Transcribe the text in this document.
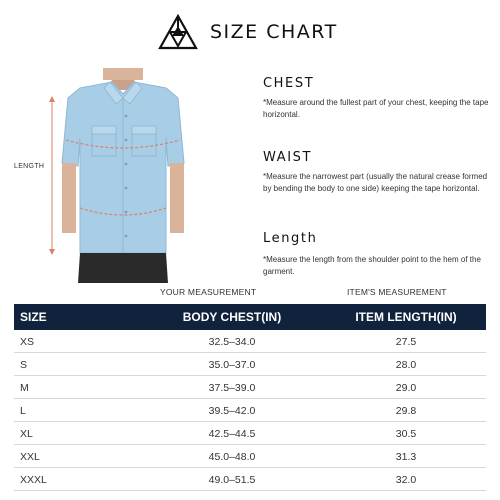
SIZE CHART
LENGTH
CHEST
*Measure around the fullest part of your chest, keeping the tape horizontal.
WAIST
*Measure the narrowest part (usually the natural crease formed by bending the body to one side) keeping the tape horizontal.
Length
*Measure the length from the shoulder point to the hem of the garment.
YOUR MEASUREMENT	ITEM'S MEASUREMENT
SIZE	BODY CHEST(IN)	ITEM LENGTH(IN)
XS	32.5–34.0	27.5
S	35.0–37.0	28.0
M	37.5–39.0	29.0
L	39.5–42.0	29.8
XL	42.5–44.5	30.5
XXL	45.0–48.0	31.3
XXXL	49.0–51.5	32.0
